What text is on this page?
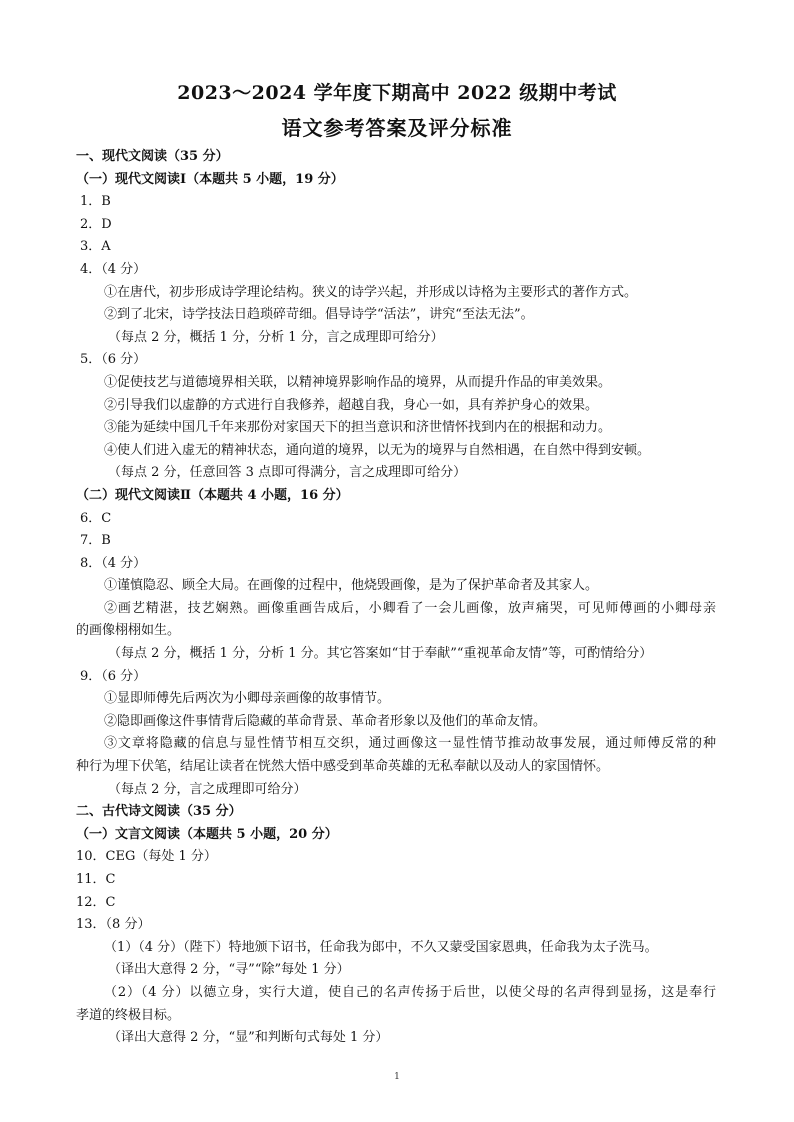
2023～2024 学年度下期高中 2022 级期中考试
语文参考答案及评分标准
一、现代文阅读（35 分）
（一）现代文阅读Ⅰ（本题共 5 小题，19 分）
1．B
2．D
3．A
4．（4 分）
①在唐代，初步形成诗学理论结构。狭义的诗学兴起，并形成以诗格为主要形式的著作方式。
②到了北宋，诗学技法日趋琐碎苛细。倡导诗学“活法”，讲究“至法无法”。
（每点 2 分，概括 1 分，分析 1 分，言之成理即可给分）
5．（6 分）
①促使技艺与道德境界相关联，以精神境界影响作品的境界，从而提升作品的审美效果。
②引导我们以虚静的方式进行自我修养，超越自我，身心一如，具有养护身心的效果。
③能为延续中国几千年来那份对家国天下的担当意识和济世情怀找到内在的根据和动力。
④使人们进入虚无的精神状态，通向道的境界，以无为的境界与自然相遇，在自然中得到安顿。
（每点 2 分，任意回答 3 点即可得满分，言之成理即可给分）
（二）现代文阅读Ⅱ（本题共 4 小题，16 分）
6．C
7．B
8．（4 分）
①谨慎隐忍、顾全大局。在画像的过程中，他烧毁画像，是为了保护革命者及其家人。
②画艺精湛，技艺娴熟。画像重画告成后，小卿看了一会儿画像，放声痛哭，可见师傅画的小卿母亲
的画像栩栩如生。
（每点 2 分，概括 1 分，分析 1 分。其它答案如“甘于奉献”“重视革命友情”等，可酌情给分）
9．（6 分）
①显即师傅先后两次为小卿母亲画像的故事情节。
②隐即画像这件事情背后隐藏的革命背景、革命者形象以及他们的革命友情。
③文章将隐藏的信息与显性情节相互交织，通过画像这一显性情节推动故事发展，通过师傅反常的种
种行为埋下伏笔，结尾让读者在恍然大悟中感受到革命英雄的无私奉献以及动人的家国情怀。
（每点 2 分，言之成理即可给分）
二、古代诗文阅读（35 分）
（一）文言文阅读（本题共 5 小题，20 分）
10．CEG（每处 1 分）
11．C
12．C
13．（8 分）
（1）（4 分）（陛下）特地颁下诏书，任命我为郎中，不久又蒙受国家恩典，任命我为太子洗马。
（译出大意得 2 分，“寻”“除”每处 1 分）
（2）（4 分）以德立身，实行大道，使自己的名声传扬于后世，以使父母的名声得到显扬，这是奉行
孝道的终极目标。
（译出大意得 2 分，“显”和判断句式每处 1 分）
1
